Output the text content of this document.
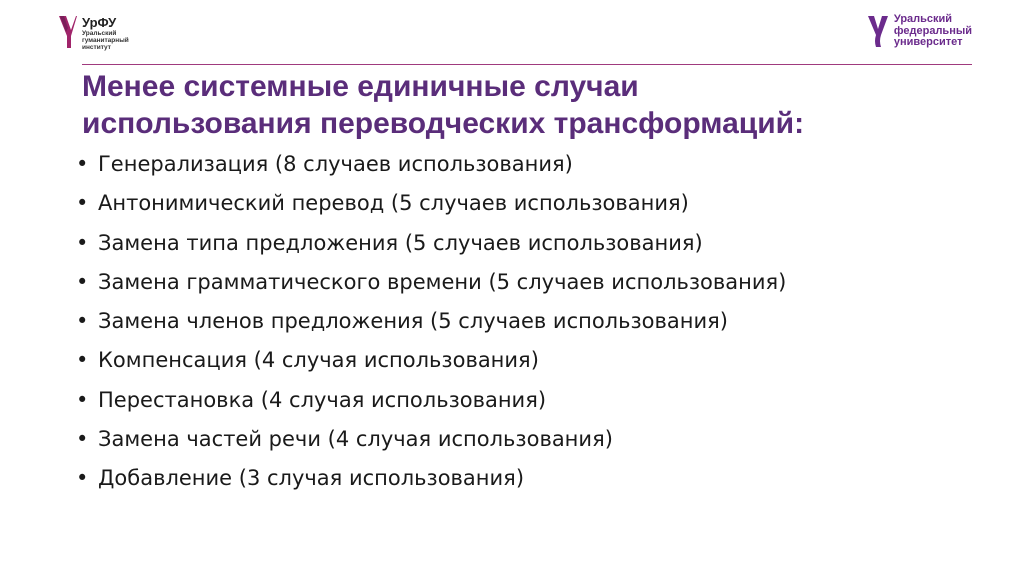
УрФУ
Уральский
гуманитарный
институт
Уральский
федеральный
университет
Менее системные единичные случаи
использования переводческих трансформаций:
• Генерализация (8 случаев использования)
• Антонимический перевод (5 случаев использования)
• Замена типа предложения (5 случаев использования)
• Замена грамматического времени (5 случаев использования)
• Замена членов предложения (5 случаев использования)
• Компенсация (4 случая использования)
• Перестановка (4 случая использования)
• Замена частей речи (4 случая использования)
• Добавление (3 случая использования)
